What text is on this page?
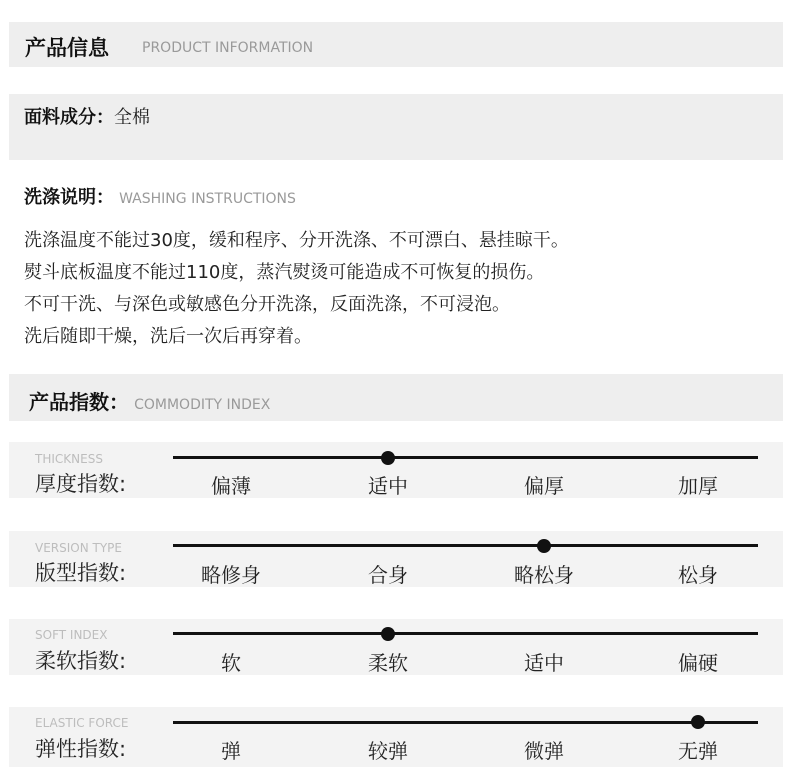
产品信息 PRODUCT INFORMATION
面料成分：全棉
洗涤说明： WASHING INSTRUCTIONS
洗涤温度不能过30度，缓和程序、分开洗涤、不可漂白、悬挂晾干。
熨斗底板温度不能过110度，蒸汽熨烫可能造成不可恢复的损伤。
不可干洗、与深色或敏感色分开洗涤，反面洗涤，不可浸泡。
洗后随即干燥，洗后一次后再穿着。
产品指数： COMMODITY INDEX
THICKNESS
厚度指数:	偏薄	适中	偏厚	加厚
VERSION TYPE
版型指数:	略修身	合身	略松身	松身
SOFT INDEX
柔软指数:	软	柔软	适中	偏硬
ELASTIC FORCE
弹性指数:	弹	较弹	微弹	无弹
